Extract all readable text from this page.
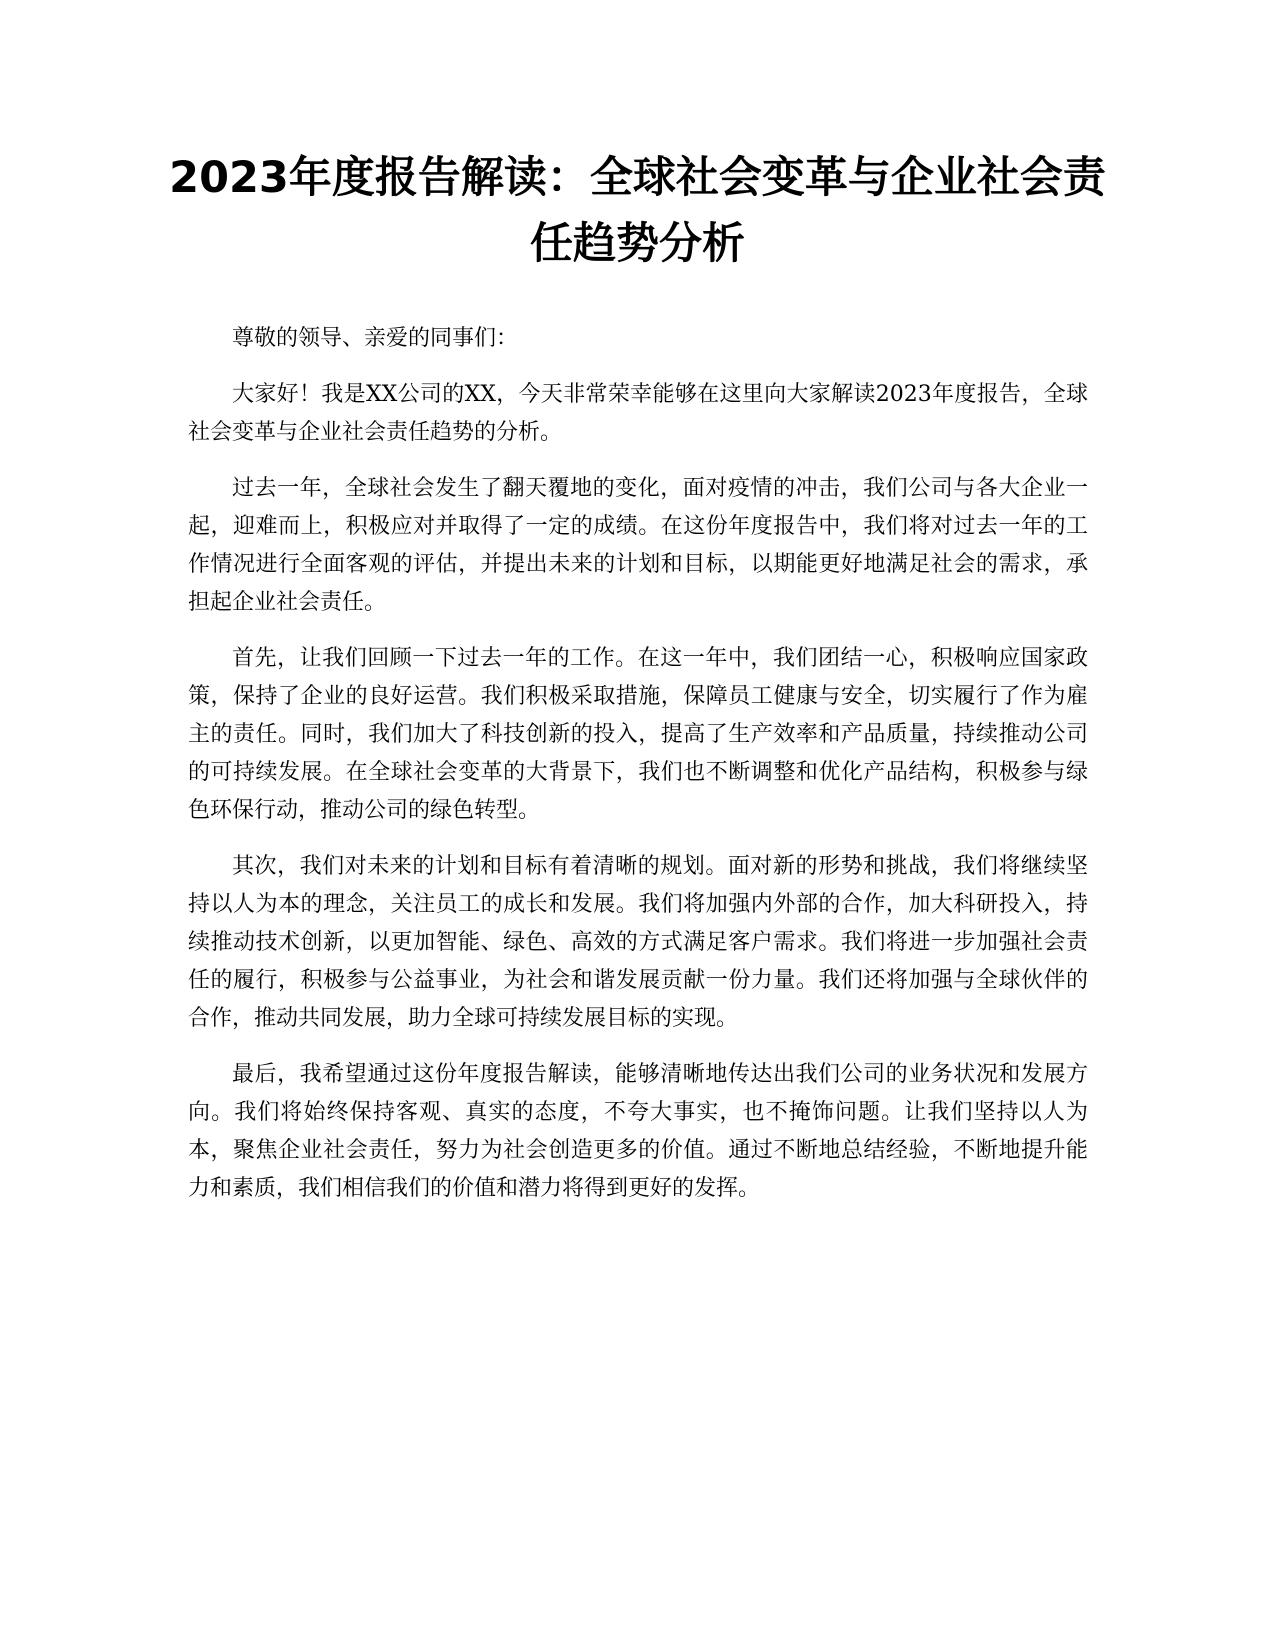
2023年度报告解读：全球社会变革与企业社会责任趋势分析

尊敬的领导、亲爱的同事们：

大家好！我是XX公司的XX，今天非常荣幸能够在这里向大家解读2023年度报告，全球社会变革与企业社会责任趋势的分析。

过去一年，全球社会发生了翻天覆地的变化，面对疫情的冲击，我们公司与各大企业一起，迎难而上，积极应对并取得了一定的成绩。在这份年度报告中，我们将对过去一年的工作情况进行全面客观的评估，并提出未来的计划和目标，以期能更好地满足社会的需求，承担起企业社会责任。

首先，让我们回顾一下过去一年的工作。在这一年中，我们团结一心，积极响应国家政策，保持了企业的良好运营。我们积极采取措施，保障员工健康与安全，切实履行了作为雇主的责任。同时，我们加大了科技创新的投入，提高了生产效率和产品质量，持续推动公司的可持续发展。在全球社会变革的大背景下，我们也不断调整和优化产品结构，积极参与绿色环保行动，推动公司的绿色转型。

其次，我们对未来的计划和目标有着清晰的规划。面对新的形势和挑战，我们将继续坚持以人为本的理念，关注员工的成长和发展。我们将加强内外部的合作，加大科研投入，持续推动技术创新，以更加智能、绿色、高效的方式满足客户需求。我们将进一步加强社会责任的履行，积极参与公益事业，为社会和谐发展贡献一份力量。我们还将加强与全球伙伴的合作，推动共同发展，助力全球可持续发展目标的实现。

最后，我希望通过这份年度报告解读，能够清晰地传达出我们公司的业务状况和发展方向。我们将始终保持客观、真实的态度，不夸大事实，也不掩饰问题。让我们坚持以人为本，聚焦企业社会责任，努力为社会创造更多的价值。通过不断地总结经验，不断地提升能力和素质，我们相信我们的价值和潜力将得到更好的发挥。
